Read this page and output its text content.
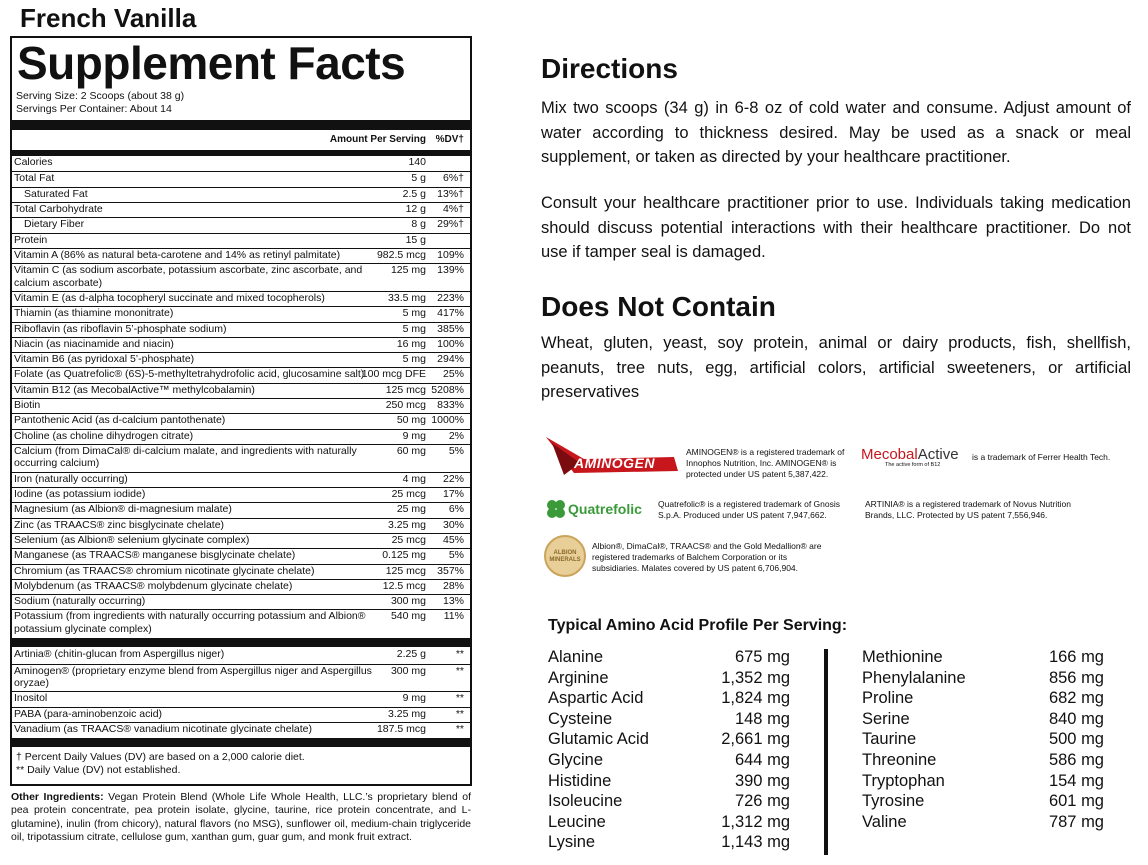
French Vanilla
Supplement Facts
Serving Size: 2 Scoops (about 38 g)
Servings Per Container: About 14
Amount Per Serving %DV†
Calories	140
Total Fat	5 g 6%†
Saturated Fat	2.5 g 13%†
Total Carbohydrate	12 g 4%†
Dietary Fiber	8 g 29%†
Protein	15 g
Vitamin A (86% as natural beta-carotene and 14% as retinyl palmitate)	982.5 mcg 109%
Vitamin C (as sodium ascorbate, potassium ascorbate, zinc ascorbate, and calcium ascorbate)
125 mg 139%
Vitamin E (as d-alpha tocopheryl succinate and mixed tocopherols)	33.5 mg 223%
Thiamin (as thiamine mononitrate)	5 mg 417%
Riboflavin (as riboflavin 5’-phosphate sodium)	5 mg 385%
Niacin (as niacinamide and niacin)	16 mg 100%
Vitamin B6 (as pyridoxal 5’-phosphate)	5 mg 294%
Folate (as Quatrefolic® (6S)-5-methyltetrahydrofolic acid, glucosamine salt)
100 mcg DFE 25%
Vitamin B12 (as MecobalActive™ methylcobalamin)	125 mcg 5208%
Biotin	250 mcg 833%
Pantothenic Acid (as d-calcium pantothenate)	50 mg 1000%
Choline (as choline dihydrogen citrate)	9 mg 2%
Calcium (from DimaCal® di-calcium malate, and ingredients with naturally occurring calcium)
60 mg 5%
Iron (naturally occurring)	4 mg 22%
Iodine (as potassium iodide)	25 mcg 17%
Magnesium (as Albion® di-magnesium malate)	25 mg 6%
Zinc (as TRAACS® zinc bisglycinate chelate)	3.25 mg 30%
Selenium (as Albion® selenium glycinate complex)	25 mcg 45%
Manganese (as TRAACS® manganese bisglycinate chelate)	0.125 mg 5%
Chromium (as TRAACS® chromium nicotinate glycinate chelate)	125 mcg 357%
Molybdenum (as TRAACS® molybdenum glycinate chelate)	12.5 mcg 28%
Sodium (naturally occurring)	300 mg 13%
Potassium (from ingredients with naturally occurring potassium and Albion® potassium glycinate complex)
540 mg 11%
Artinia® (chitin-glucan from Aspergillus niger)	2.25 g	**
Aminogen® (proprietary enzyme blend from Aspergillus niger and Aspergillus oryzae)
300 mg	**
Inositol	9 mg	**
PABA (para-aminobenzoic acid)	3.25 mg	**
Vanadium (as TRAACS® vanadium nicotinate glycinate chelate)	187.5 mcg	**
† Percent Daily Values (DV) are based on a 2,000 calorie diet.
** Daily Value (DV) not established.
Other Ingredients: Vegan Protein Blend (Whole Life Whole Health, LLC.’s proprietary blend of pea protein concentrate, pea protein isolate, glycine, taurine, rice protein concentrate, and L-glutamine), inulin (from chicory), natural flavors (no MSG), sunflower oil, medium-chain triglyceride oil, tripotassium citrate, cellulose gum, xanthan gum, guar gum, and monk fruit extract.
Directions
Mix two scoops (34 g) in 6-8 oz of cold water and consume. Adjust amount of water according to thickness desired. May be used as a snack or meal supplement, or taken as directed by your healthcare practitioner.
Consult your healthcare practitioner prior to use. Individuals taking medication should discuss potential interactions with their healthcare practitioner. Do not use if tamper seal is damaged.
Does Not Contain
Wheat, gluten, yeast, soy protein, animal or dairy products, fish, shellfish, peanuts, tree nuts, egg, artificial colors, artificial sweeteners, or artificial preservatives
AMINOGEN
AMINOGEN® is a registered trademark of Innophos Nutrition, Inc. AMINOGEN® is protected under US patent 5,387,422.
MecobalActive
The active form of B12
is a trademark of Ferrer Health Tech.
Quatrefolic Quatrefolic® is a registered trademark of Gnosis S.p.A. Produced under US patent 7,947,662.
ARTINIA® is a registered trademark of Novus Nutrition Brands, LLC. Protected by US patent 7,556,946.
ALBION MINERALS
Albion®, DimaCal®, TRAACS® and the Gold Medallion® are registered trademarks of Balchem Corporation or its subsidiaries. Malates covered by US patent 6,706,904.
Typical Amino Acid Profile Per Serving:
Alanine	675 mg
Arginine	1,352 mg
Aspartic Acid	1,824 mg
Cysteine	148 mg
Glutamic Acid	2,661 mg
Glycine	644 mg
Histidine	390 mg
Isoleucine	726 mg
Leucine	1,312 mg
Lysine	1,143 mg
Methionine	166 mg
Phenylalanine	856 mg
Proline	682 mg
Serine	840 mg
Taurine	500 mg
Threonine	586 mg
Tryptophan	154 mg
Tyrosine	601 mg
Valine	787 mg
